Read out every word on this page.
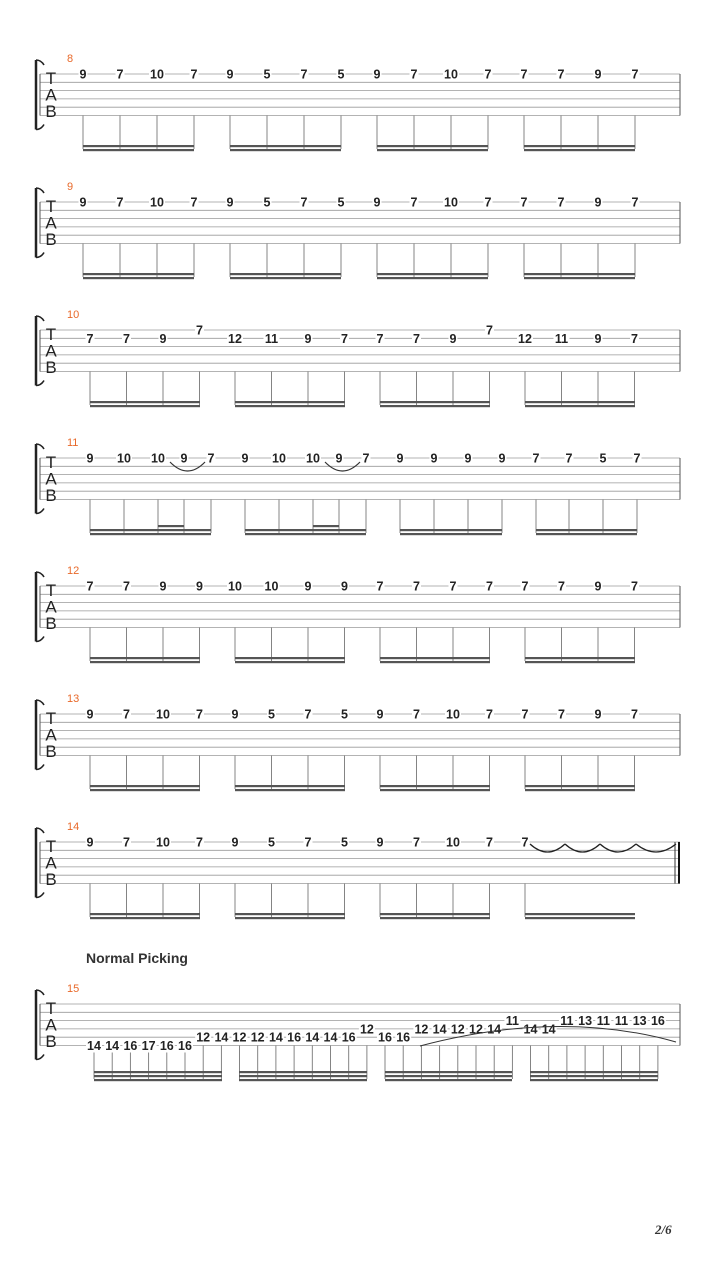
Normal Picking
2/6
T
A
B
8
9 7 10 7 9 5 7 5 9 7 10 7 7 7 9 7
T
A
B
9
9 7 10 7 9 5 7 5 9 7 10 7 7 7 9 7
T
A
B
10
7 7 9
7
12 11 9 7 7 7 9
7
12 11 9 7
T
A
B
11
9 10 10 9 7 9 10 10 9 7 9 9 9 9 7 7 5 7
T
A
B
12
7 7 9 9 10 10 9 9 7 7 7 7 7 7 9 7
T
A
B
13
9 7 10 7 9 5 7 5 9 7 10 7 7 7 9 7
T
A
B
14
9 7 10 7 9 5 7 5 9 7 10 7 7
T
A
B
15
14 14 16 17 16 16
12 14 12 12 14 16 14 14 16
12
16 16
12 14 12 12 14
11
14 14
11 13 11 11 13 16
